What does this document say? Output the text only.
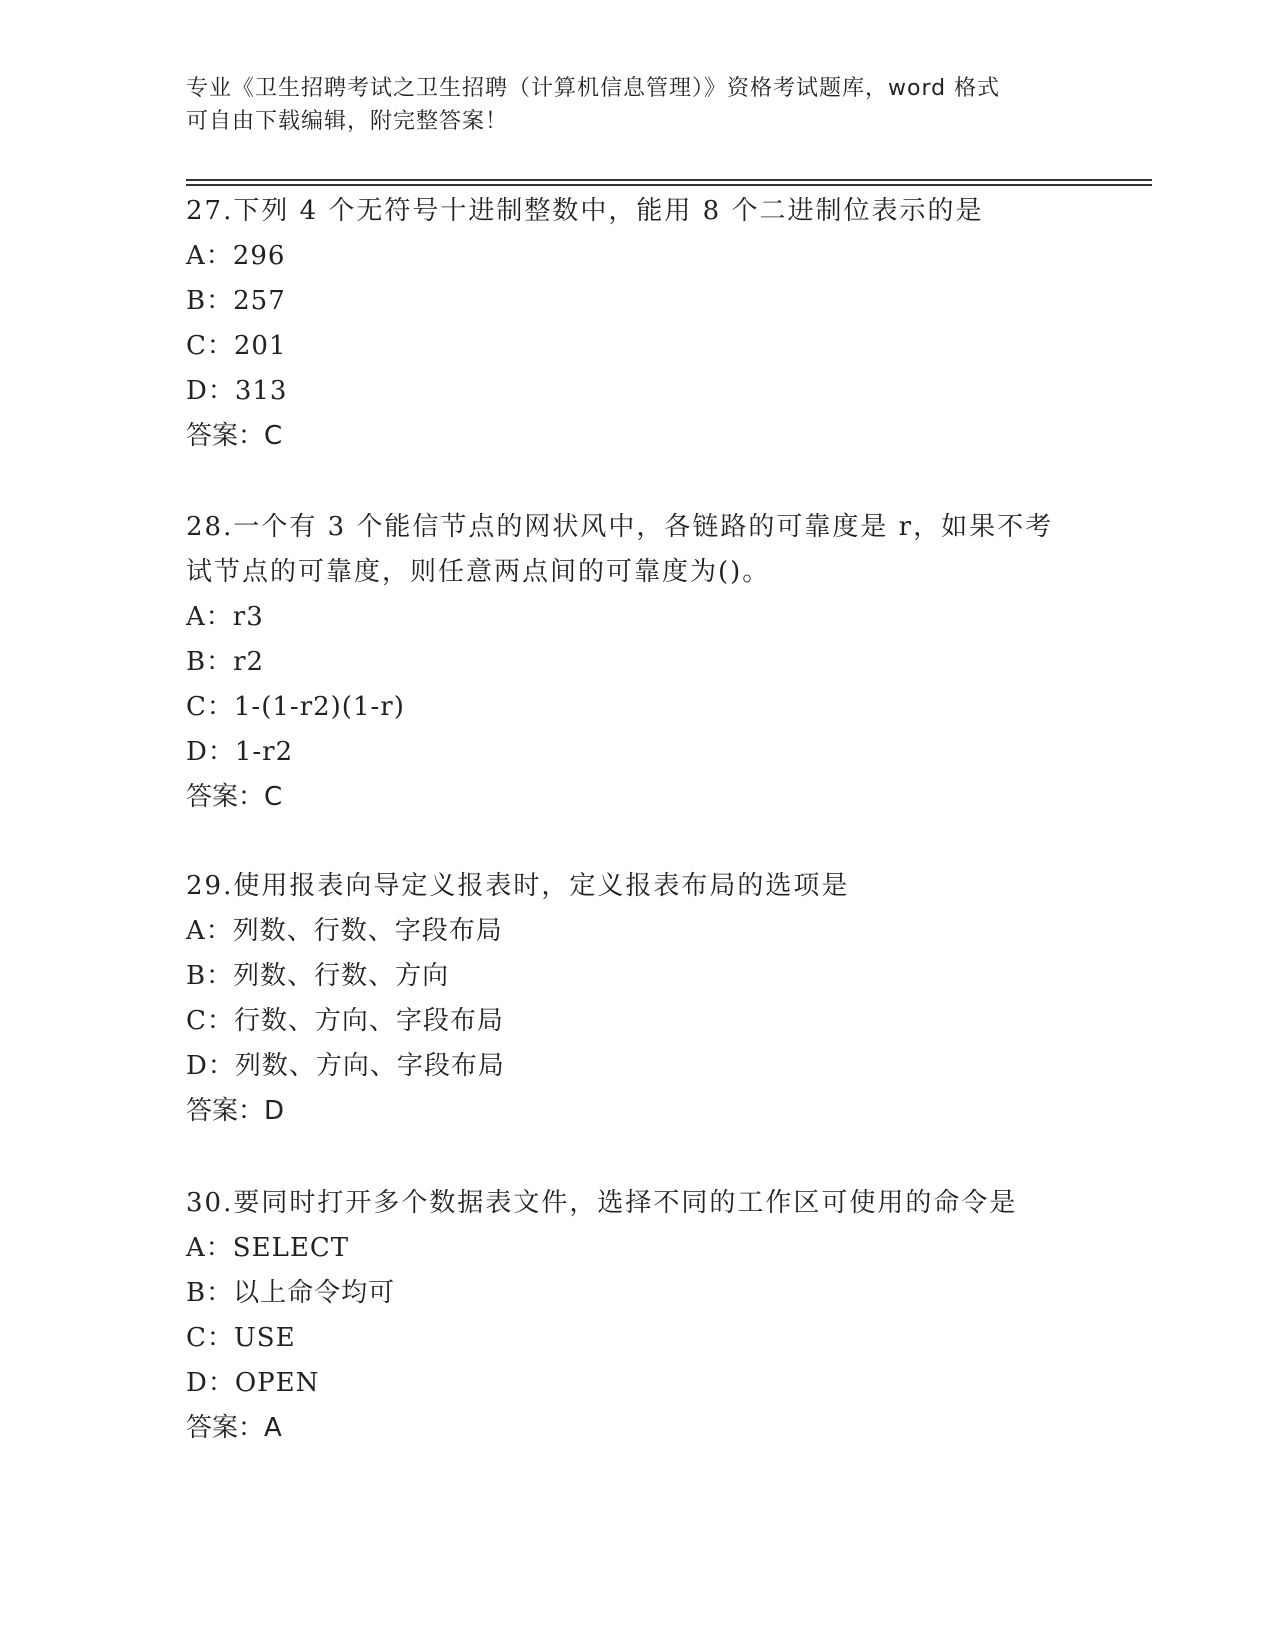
专业《卫生招聘考试之卫生招聘（计算机信息管理）》资格考试题库，word 格式
可自由下载编辑，附完整答案！

27.下列 4 个无符号十进制整数中，能用 8 个二进制位表示的是

A：296

B：257

C：201

D：313

答案：C

28.一个有 3 个能信节点的网状风中，各链路的可靠度是 r，如果不考

试节点的可靠度，则任意两点间的可靠度为()。

A：r3

B：r2

C：1-(1-r2)(1-r)

D：1-r2

答案：C

29.使用报表向导定义报表时，定义报表布局的选项是

A：列数、行数、字段布局

B：列数、行数、方向

C：行数、方向、字段布局

D：列数、方向、字段布局

答案：D

30.要同时打开多个数据表文件，选择不同的工作区可使用的命令是

A：SELECT

B：以上命令均可

C：USE

D：OPEN

答案：A
